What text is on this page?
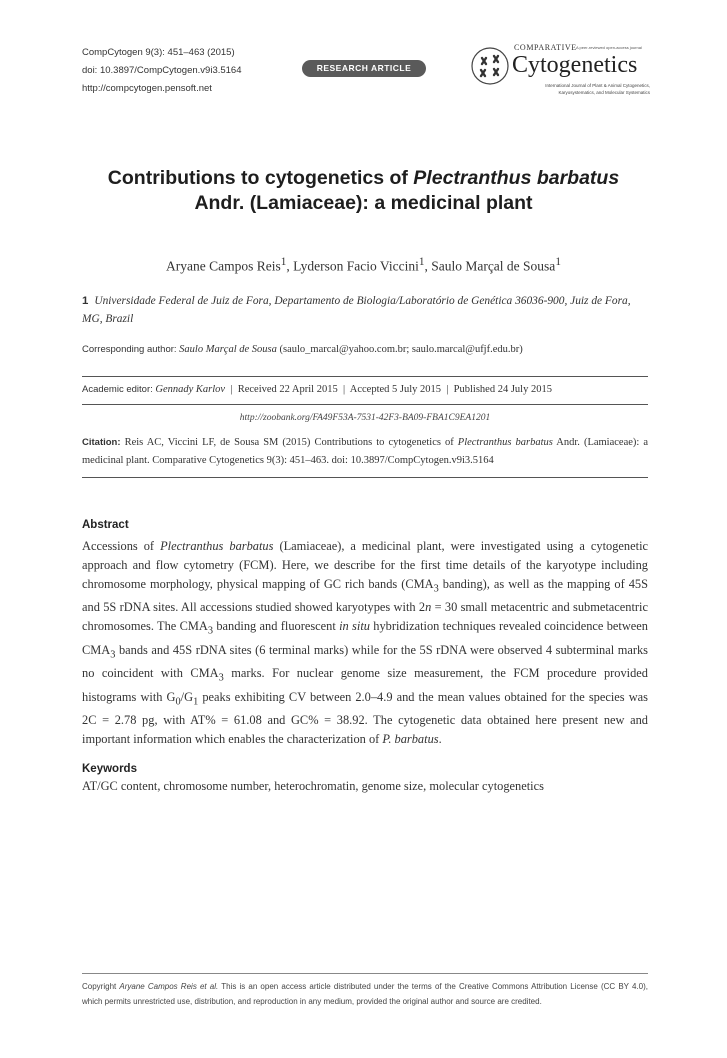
CompCytogen 9(3): 451–463 (2015)
doi: 10.3897/CompCytogen.v9i3.5164
http://compcytogen.pensoft.net
RESEARCH ARTICLE
COMPARATIVE A peer-reviewed open-access journal
Cytogenetics
International Journal of Plant & Animal Cytogenetics,
Karyosystematics, and Molecular Systematics
Contributions to cytogenetics of Plectranthus barbatus
Andr. (Lamiaceae): a medicinal plant
Aryane Campos Reis$^1$, Lyderson Facio Viccini$^1$, Saulo Marçal de Sousa$^1$
1 Universidade Federal de Juiz de Fora, Departamento de Biologia/Laboratório de Genética 36036-900, Juiz de Fora, MG, Brazil
Corresponding author: Saulo Marçal de Sousa (saulo_marcal@yahoo.com.br; saulo.marcal@ufjf.edu.br)
Academic editor: Gennady Karlov | Received 22 April 2015 | Accepted 5 July 2015 | Published 24 July 2015
http://zoobank.org/FA49F53A-7531-42F3-BA09-FBA1C9EA1201
Citation: Reis AC, Viccini LF, de Sousa SM (2015) Contributions to cytogenetics of Plectranthus barbatus Andr. (Lamiaceae): a medicinal plant. Comparative Cytogenetics 9(3): 451–463. doi: 10.3897/CompCytogen.v9i3.5164
Abstract
Accessions of Plectranthus barbatus (Lamiaceae), a medicinal plant, were investigated using a cytogenetic approach and flow cytometry (FCM). Here, we describe for the first time details of the karyotype including chromosome morphology, physical mapping of GC rich bands ($CMA_3$ banding), as well as the mapping of 45S and 5S rDNA sites. All accessions studied showed karyotypes with 2n = 30 small metacentric and submetacentric chromosomes. The $CMA_3$ banding and fluorescent in situ hybridization techniques revealed coincidence between $CMA_3$ bands and 45S rDNA sites (6 terminal marks) while for the 5S rDNA were observed 4 subterminal marks no coincident with $CMA_3$ marks. For nuclear genome size measurement, the FCM procedure provided histograms with $G_0/G_1$ peaks exhibiting CV between 2.0–4.9 and the mean values obtained for the species was 2C = 2.78 pg, with AT% = 61.08 and GC% = 38.92. The cytogenetic data obtained here present new and important information which enables the characterization of P. barbatus.
Keywords
AT/GC content, chromosome number, heterochromatin, genome size, molecular cytogenetics
Copyright Aryane Campos Reis et al. This is an open access article distributed under the terms of the Creative Commons Attribution License (CC BY 4.0), which permits unrestricted use, distribution, and reproduction in any medium, provided the original author and source are credited.
